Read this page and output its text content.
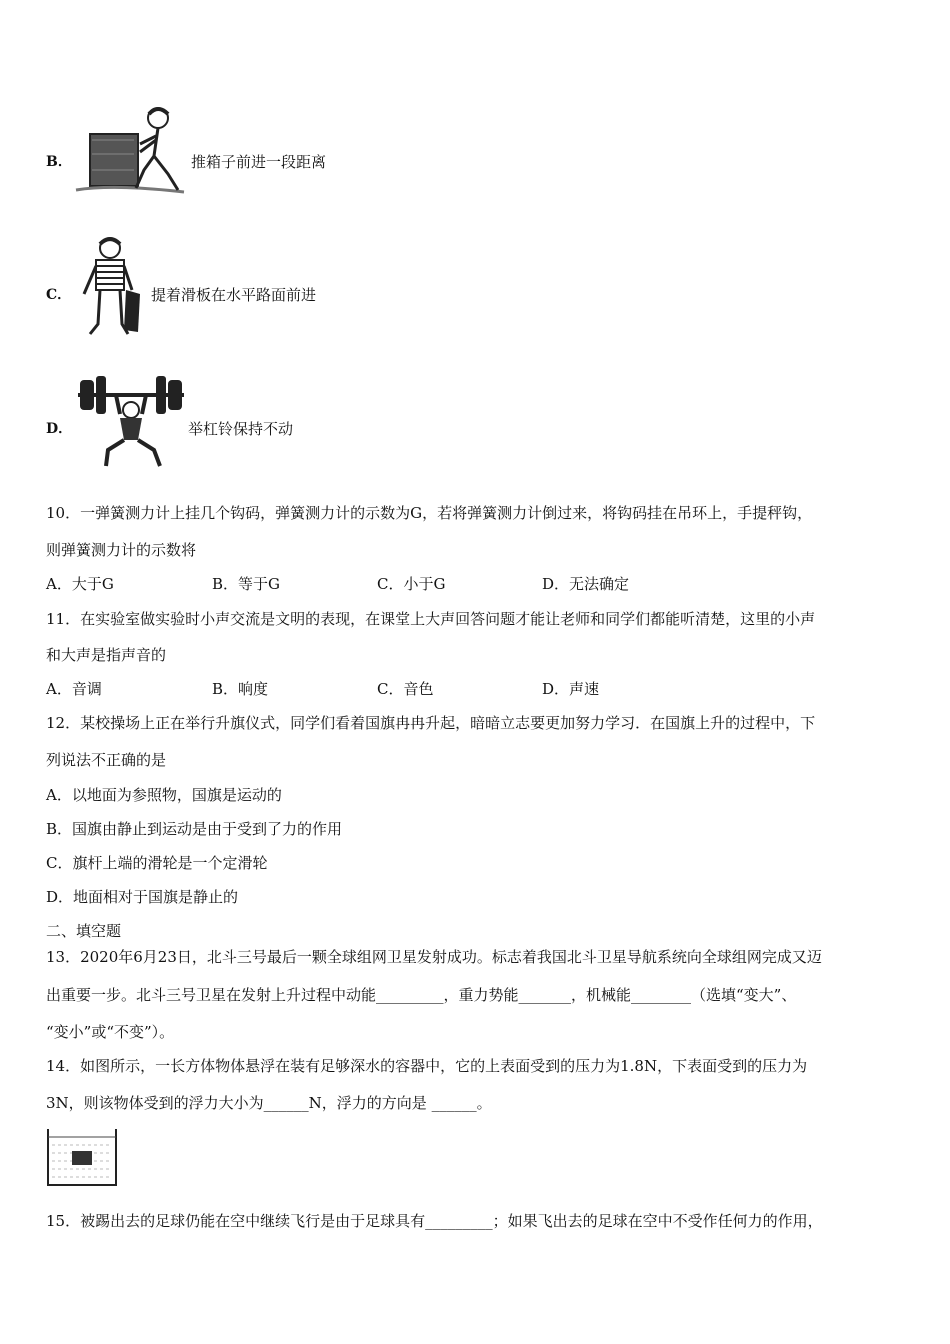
B．	推箱子前进一段距离
C．	提着滑板在水平路面前进
D．	举杠铃保持不动
10．一弹簧测力计上挂几个钩码，弹簧测力计的示数为G，若将弹簧测力计倒过来，将钩码挂在吊环上，手提秤钩，
则弹簧测力计的示数将
A．大于G	B．等于G	C．小于G	D．无法确定
11．在实验室做实验时小声交流是文明的表现，在课堂上大声回答问题才能让老师和同学们都能听清楚，这里的小声
和大声是指声音的
A．音调	B．响度	C．音色	D．声速
12．某校操场上正在举行升旗仪式，同学们看着国旗冉冉升起，暗暗立志要更加努力学习．在国旗上升的过程中，下
列说法不正确的是
A．以地面为参照物，国旗是运动的
B．国旗由静止到运动是由于受到了力的作用
C．旗杆上端的滑轮是一个定滑轮
D．地面相对于国旗是静止的
二、填空题
13．2020年6月23日，北斗三号最后一颗全球组网卫星发射成功。标志着我国北斗卫星导航系统向全球组网完成又迈
出重要一步。北斗三号卫星在发射上升过程中动能_________，重力势能_______，机械能________（选填“变大”、
“变小”或“不变”）。
14．如图所示，一长方体物体悬浮在装有足够深水的容器中，它的上表面受到的压力为1.8N，下表面受到的压力为
3N，则该物体受到的浮力大小为______N，浮力的方向是 ______。
15．被踢出去的足球仍能在空中继续飞行是由于足球具有_________；如果飞出去的足球在空中不受作任何力的作用，
